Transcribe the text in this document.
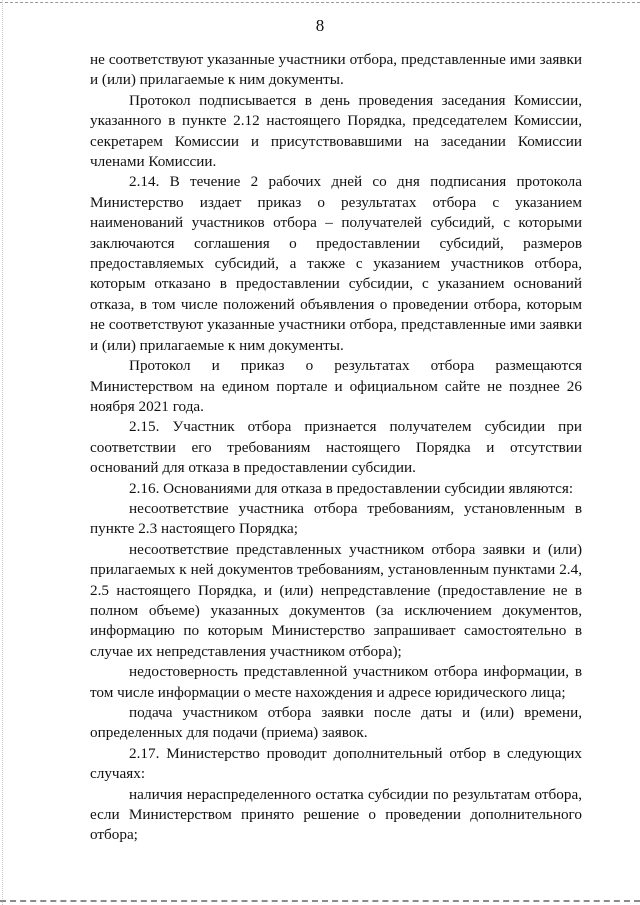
8

не соответствуют указанные участники отбора, представленные ими заявки и (или) прилагаемые к ним документы.

Протокол подписывается в день проведения заседания Комиссии, указанного в пункте 2.12 настоящего Порядка, председателем Комиссии, секретарем Комиссии и присутствовавшими на заседании Комиссии членами Комиссии.

2.14. В течение 2 рабочих дней со дня подписания протокола Министерство издает приказ о результатах отбора с указанием наименований участников отбора – получателей субсидий, с которыми заключаются соглашения о предоставлении субсидий, размеров предоставляемых субсидий, а также с указанием участников отбора, которым отказано в предоставлении субсидии, с указанием оснований отказа, в том числе положений объявления о проведении отбора, которым не соответствуют указанные участники отбора, представленные ими заявки и (или) прилагаемые к ним документы.

Протокол и приказ о результатах отбора размещаются Министерством на едином портале и официальном сайте не позднее 26 ноября 2021 года.

2.15. Участник отбора признается получателем субсидии при соответствии его требованиям настоящего Порядка и отсутствии оснований для отказа в предоставлении субсидии.

2.16. Основаниями для отказа в предоставлении субсидии являются:

несоответствие участника отбора требованиям, установленным в пункте 2.3 настоящего Порядка;

несоответствие представленных участником отбора заявки и (или) прилагаемых к ней документов требованиям, установленным пунктами 2.4, 2.5 настоящего Порядка, и (или) непредставление (предоставление не в полном объеме) указанных документов (за исключением документов, информацию по которым Министерство запрашивает самостоятельно в случае их непредставления участником отбора);

недостоверность представленной участником отбора информации, в том числе информации о месте нахождения и адресе юридического лица;

подача участником отбора заявки после даты и (или) времени, определенных для подачи (приема) заявок.

2.17. Министерство проводит дополнительный отбор в следующих случаях:

наличия нераспределенного остатка субсидии по результатам отбора, если Министерством принято решение о проведении дополнительного отбора;
